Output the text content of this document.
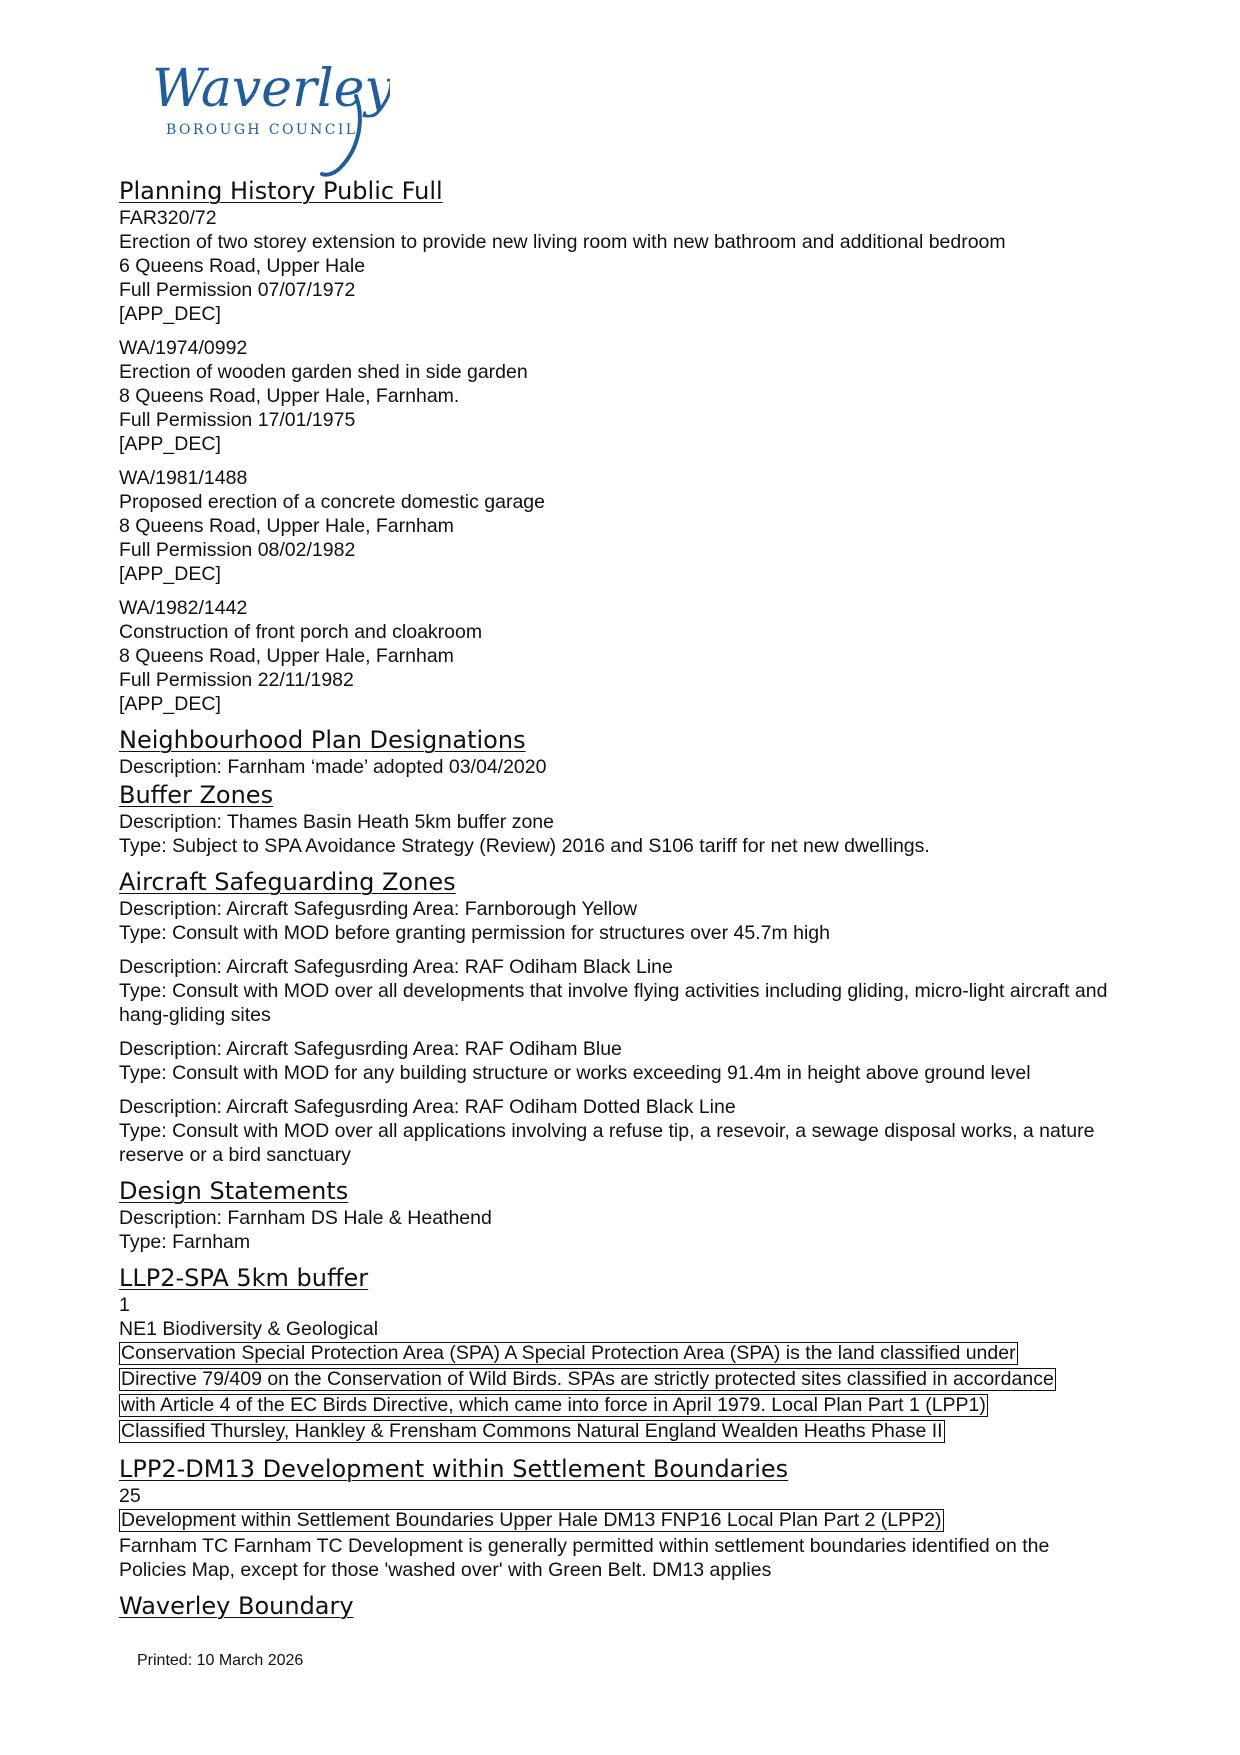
Waverley
BOROUGH COUNCIL
Planning History Public Full
FAR320/72
Erection of two storey extension to provide new living room with new bathroom and additional bedroom
6 Queens Road, Upper Hale
Full Permission 07/07/1972
[APP_DEC]
WA/1974/0992
Erection of wooden garden shed in side garden
8 Queens Road, Upper Hale, Farnham.
Full Permission 17/01/1975
[APP_DEC]
WA/1981/1488
Proposed erection of a concrete domestic garage
8 Queens Road, Upper Hale, Farnham
Full Permission 08/02/1982
[APP_DEC]
WA/1982/1442
Construction of front porch and cloakroom
8 Queens Road, Upper Hale, Farnham
Full Permission 22/11/1982
[APP_DEC]
Neighbourhood Plan Designations
Description: Farnham ‘made’ adopted 03/04/2020
Buffer Zones
Description: Thames Basin Heath 5km buffer zone
Type: Subject to SPA Avoidance Strategy (Review) 2016 and S106 tariff for net new dwellings.
Aircraft Safeguarding Zones
Description: Aircraft Safegusrding Area: Farnborough Yellow
Type: Consult with MOD before granting permission for structures over 45.7m high
Description: Aircraft Safegusrding Area: RAF Odiham Black Line
Type: Consult with MOD over all developments that involve flying activities including gliding, micro-light aircraft and hang-gliding sites
Description: Aircraft Safegusrding Area: RAF Odiham Blue
Type: Consult with MOD for any building structure or works exceeding 91.4m in height above ground level
Description: Aircraft Safegusrding Area: RAF Odiham Dotted Black Line
Type: Consult with MOD over all applications involving a refuse tip, a resevoir, a sewage disposal works, a nature reserve or a bird sanctuary
Design Statements
Description: Farnham DS Hale & Heathend
Type: Farnham
LLP2-SPA 5km buffer
1
NE1 Biodiversity & Geological
Conservation Special Protection Area (SPA) A Special Protection Area (SPA) is the land classified under
Directive 79/409 on the Conservation of Wild Birds. SPAs are strictly protected sites classified in accordance
with Article 4 of the EC Birds Directive, which came into force in April 1979. Local Plan Part 1 (LPP1)
Classified Thursley, Hankley & Frensham Commons Natural England Wealden Heaths Phase II
LPP2-DM13 Development within Settlement Boundaries
25
Development within Settlement Boundaries Upper Hale DM13 FNP16 Local Plan Part 2 (LPP2)
Farnham TC Farnham TC Development is generally permitted within settlement boundaries identified on the
Policies Map, except for those 'washed over' with Green Belt. DM13 applies
Waverley Boundary
Printed: 10 March 2026
